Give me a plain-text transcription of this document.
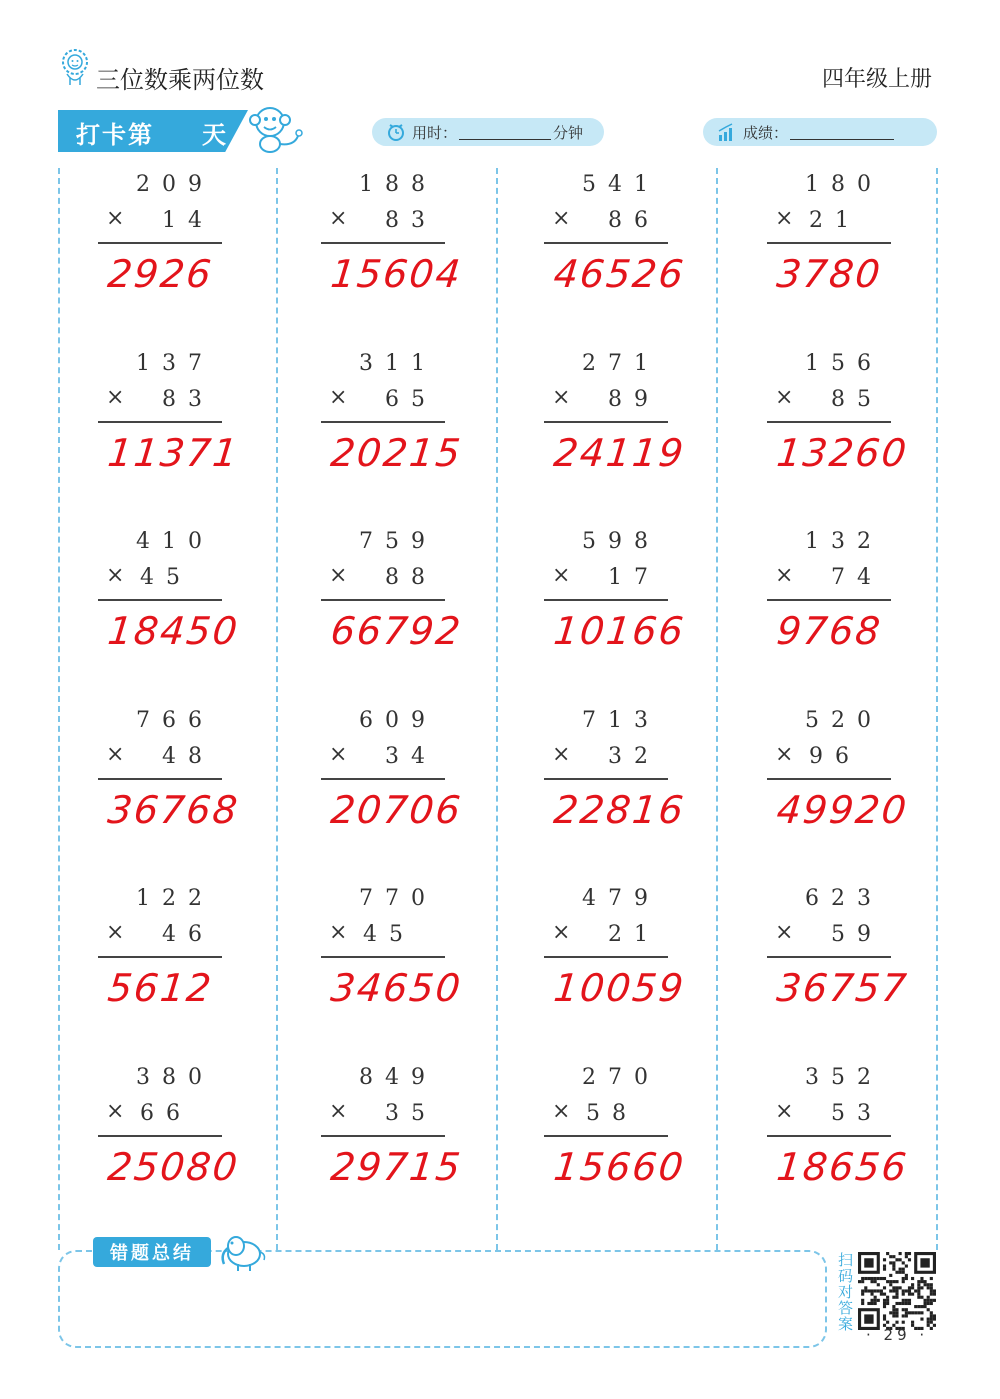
三位数乘两位数	四年级上册
打卡第 天	用时：	分钟	成绩：
209
× 14
2926
188
× 83
15604
541
× 86
46526
180
× 21
3780
137
× 83
11371
311
× 65
20215
271
× 89
24119
156
× 85
13260
410
× 45
18450
759
× 88
66792
598
× 17
10166
132
× 74
9768
766
× 48
36768
609
× 34
20706
713
× 32
22816
520
× 96
49920
122
× 46
5612
770
× 45
34650
479
× 21
10059
623
× 59
36757
380
× 66
25080
849
× 35
29715
270
× 58
15660
352
× 53
18656
错题总结	扫码对答案
· 29 ·
